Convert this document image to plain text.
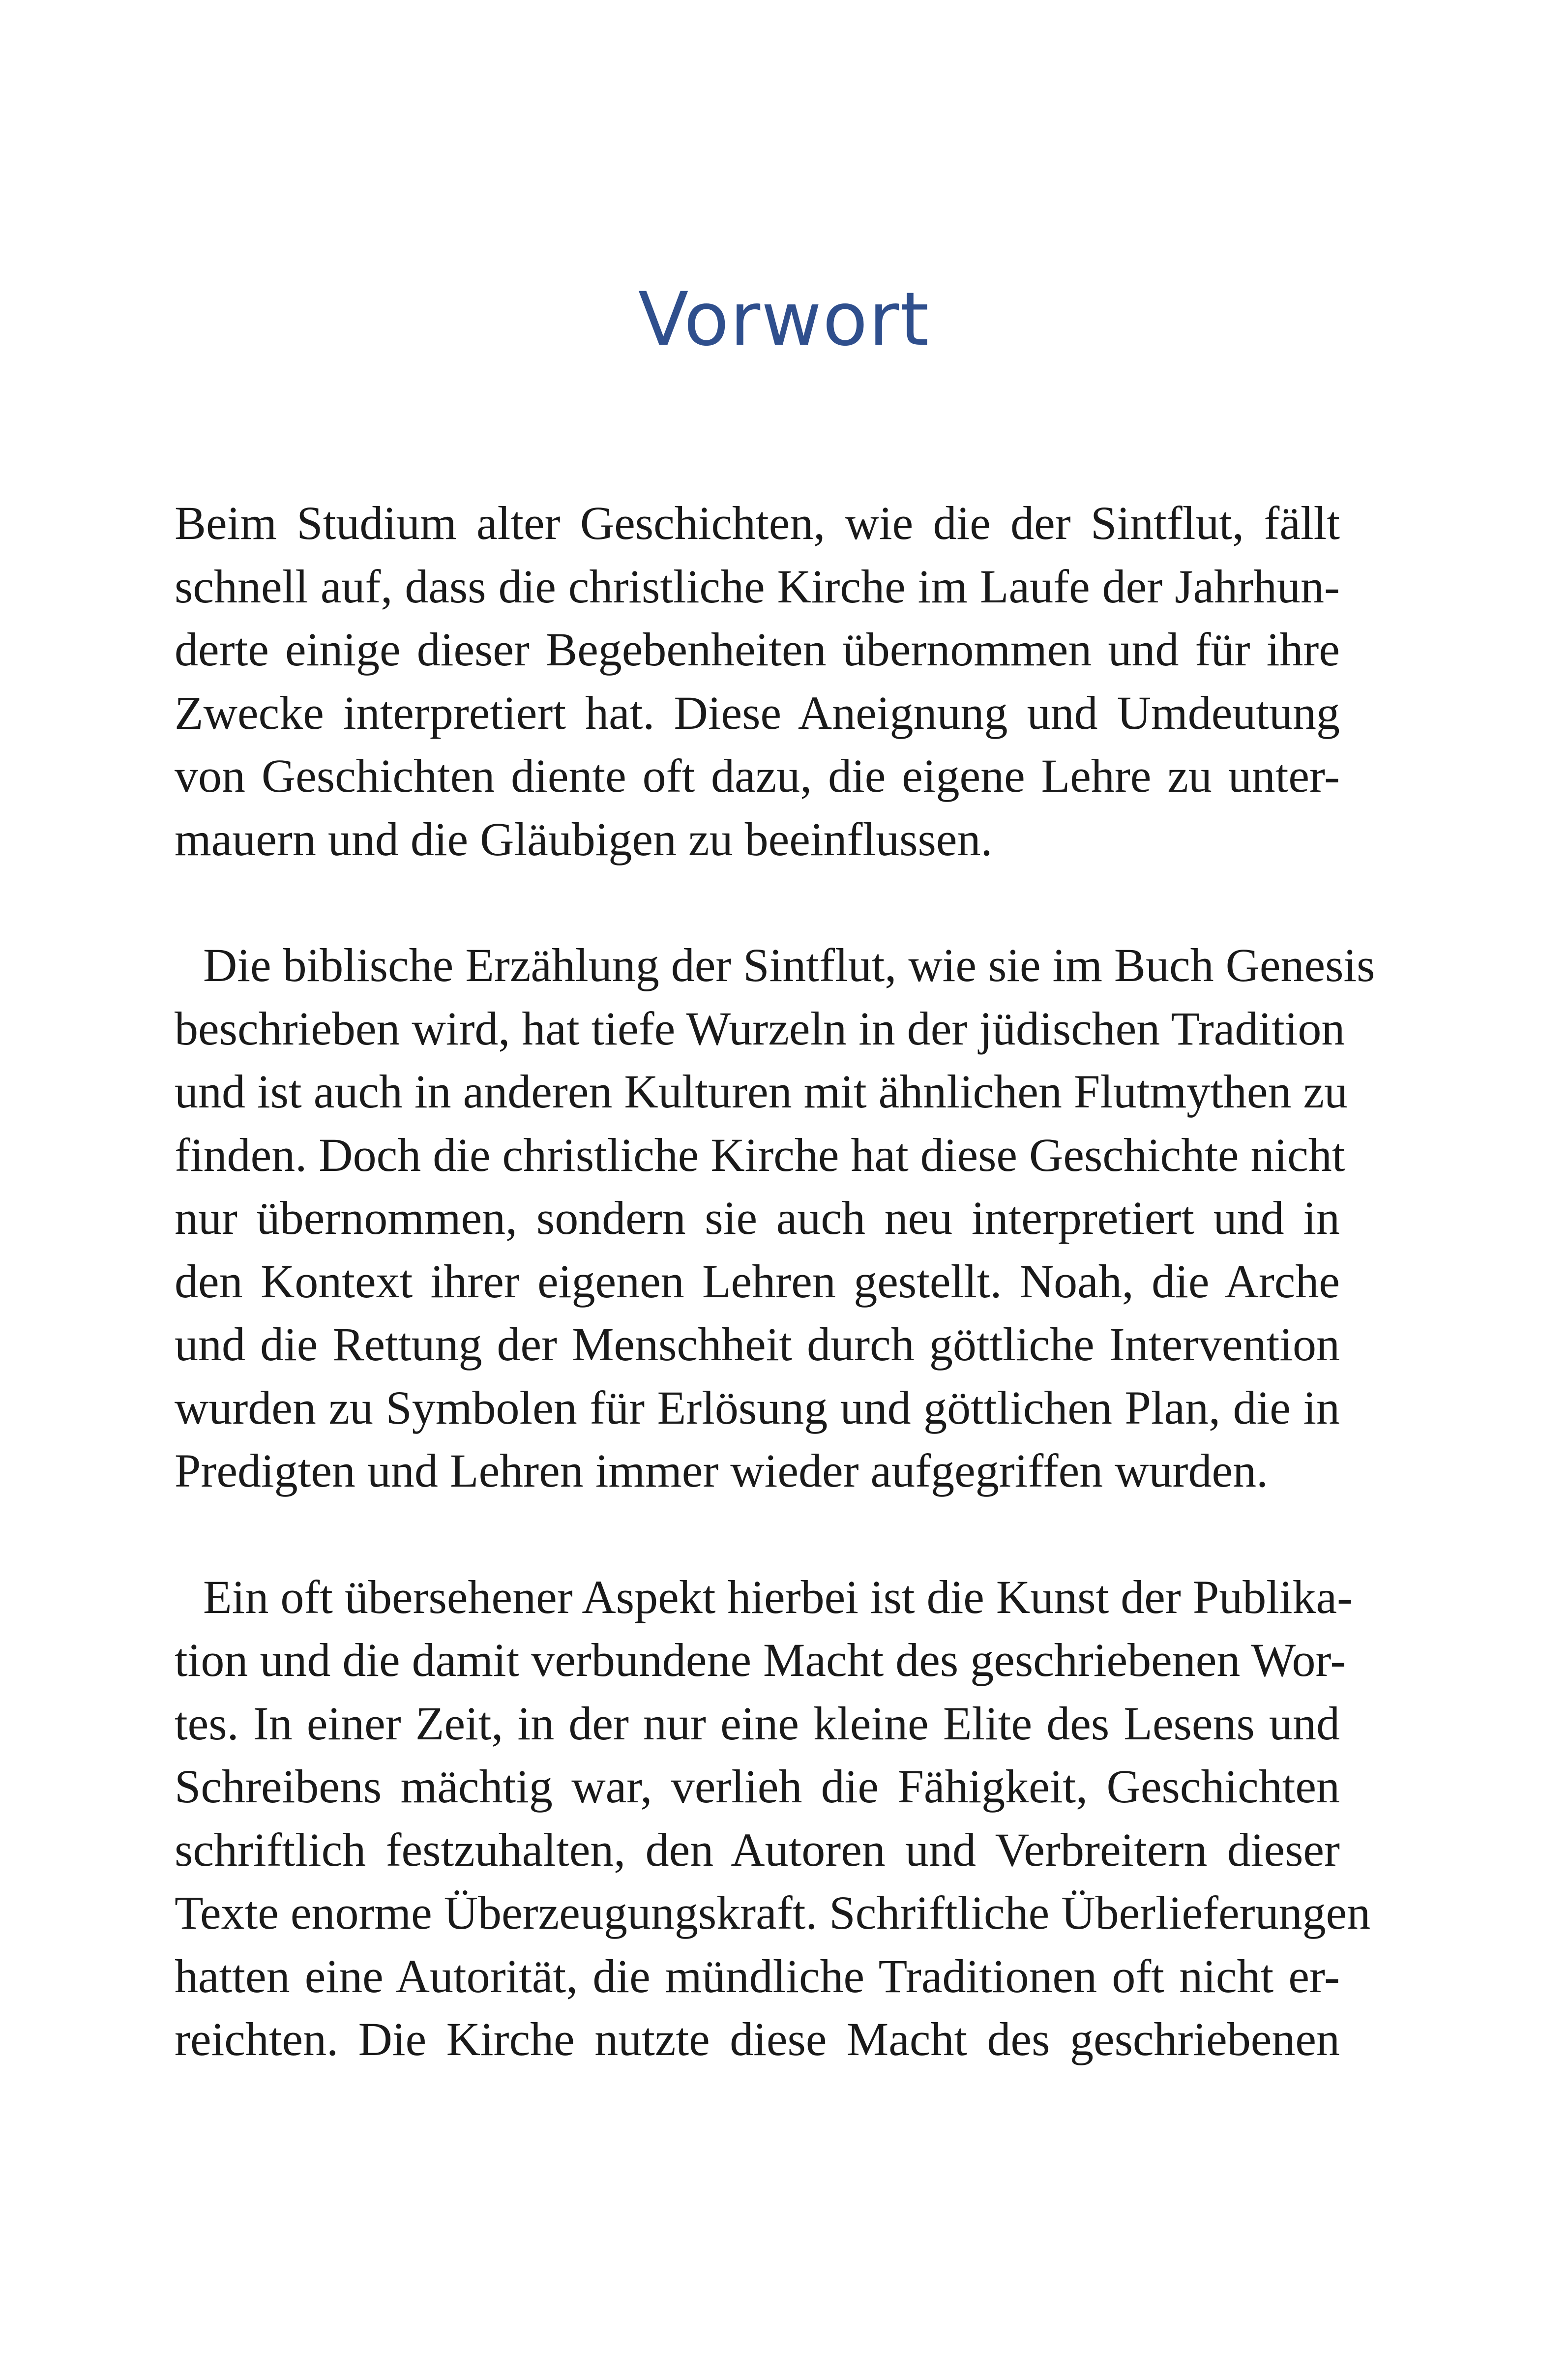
Vorwort

Beim Studium alter Geschichten, wie die der Sintflut, fällt
schnell auf, dass die christliche Kirche im Laufe der Jahrhun-
derte einige dieser Begebenheiten übernommen und für ihre
Zwecke interpretiert hat. Diese Aneignung und Umdeutung
von Geschichten diente oft dazu, die eigene Lehre zu unter-
mauern und die Gläubigen zu beeinflussen.

Die biblische Erzählung der Sintflut, wie sie im Buch Genesis
beschrieben wird, hat tiefe Wurzeln in der jüdischen Tradition
und ist auch in anderen Kulturen mit ähnlichen Flutmythen zu
finden. Doch die christliche Kirche hat diese Geschichte nicht
nur übernommen, sondern sie auch neu interpretiert und in
den Kontext ihrer eigenen Lehren gestellt. Noah, die Arche
und die Rettung der Menschheit durch göttliche Intervention
wurden zu Symbolen für Erlösung und göttlichen Plan, die in
Predigten und Lehren immer wieder aufgegriffen wurden.

Ein oft übersehener Aspekt hierbei ist die Kunst der Publika-
tion und die damit verbundene Macht des geschriebenen Wor-
tes. In einer Zeit, in der nur eine kleine Elite des Lesens und
Schreibens mächtig war, verlieh die Fähigkeit, Geschichten
schriftlich festzuhalten, den Autoren und Verbreitern dieser
Texte enorme Überzeugungskraft. Schriftliche Überlieferungen
hatten eine Autorität, die mündliche Traditionen oft nicht er-
reichten. Die Kirche nutzte diese Macht des geschriebenen
